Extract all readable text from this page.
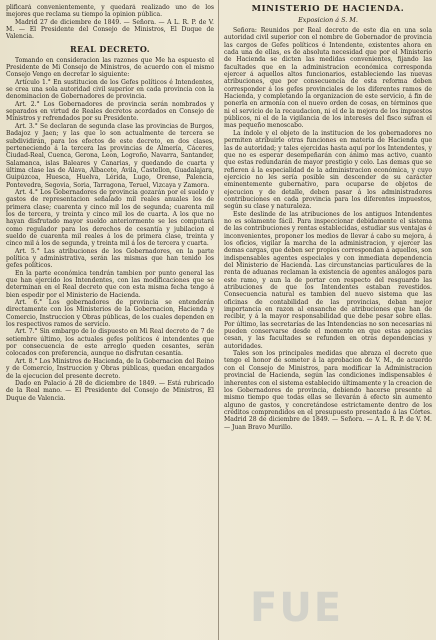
plificará convenientemente, y quedará realizado uno de los mejores que reclama su tiempo la opinion pública.

Madrid 27 de diciembre de 1849. — Señora. — A L. R. P. de V. M. — El Presidente del Consejo de Ministros, El Duque de Valencia.

REAL DECRETO.

Tomando en consideracion las razones que Me ha espuesto el Presidente de Mi Consejo de Ministros, de acuerdo con el mismo Consejo Vengo en decretar lo siguiente:

Artículo 1.° En sustitucion de los Gefes políticos é Intendentes, se crea una sola autoridad civil superior en cada provincia con la denominacion de Gobernadores de provincia.

Art. 2.° Los Gobernadores de provincia serán nombrados y separados en virtud de Reales decretos acordados en Consejo de Ministros y refrendados por su Presidente.

Art. 3.° Se declaran de segunda clase las provincias de Burgos, Badajoz y Jaen; y las que lo son actualmente de tercera se subdividirán, para los efectos de este decreto, en dos clases, perteneciendo á la tercera las provincias de Almería, Cáceres, Ciudad-Real, Cuenca, Gerona, Leon, Logroño, Navarra, Santander, Salamanca, islas Baleares y Canarias, y quedando de cuarta y última clase las de Alava, Albacete, Avila, Castellon, Guadalajara, Guipúzcoa, Huesca, Huelva, Lérida, Lugo, Orense, Palencia, Pontevedra, Segovia, Soria, Tarragona, Teruel, Vizcaya y Zamora.

Art. 4.° Los Gobernadores de provincia gozarán por el sueldo y gastos de representacion señalado mil reales anuales los de primera clase; cuarenta y cinco mil los de segunda; cuarenta mil los de tercera, y treinta y cinco mil los de cuarta. A los que no hayan disfrutado mayor sueldo anteriormente se les computará como regulador para los derechos de cesantía y jubilacion el sueldo de cuarenta mil reales á los de primera clase, treinta y cinco mil á los de segunda, y treinta mil á los de tercera y cuarta.

Art. 5.° Las atribuciones de los Gobernadores, en la parte política y administrativa, serán las mismas que han tenido los gefes políticos.

En la parte económica tendrán tambien por punto general las que han ejercido los Intendentes, con las modificaciones que se determinan en el Real decreto que con esta misma fecha tengo á bien espedir por el Ministerio de Hacienda.

Art. 6.° Los gobernadores de provincia se entenderán directamente con los Ministerios de la Gobernacion, Hacienda y Comercio, Instruccion y Obras públicas, de los cuales dependen en los respectivos ramos de servicio.

Art. 7.° Sin embargo de lo dispuesto en Mi Real decreto de 7 de setiembre último, los actuales gefes políticos é intendentes que por consecuencia de este arreglo queden cesantes, serán colocados con preferencia, aunque no disfrutan cesantía.

Art. 8.° Los Ministros de Hacienda, de la Gobernacion del Reino y de Comercio, Instruccion y Obras públicas, quedan encargados de la ejecucion del presente decreto.

Dado en Palacio á 28 de diciembre de 1849. — Está rubricado de la Real mano. — El Presidente del Consejo de Ministros, El Duque de Valencia.

MINISTERIO DE HACIENDA.
Exposicion á S. M.

Señora: Reunidos por Real decreto de este dia en una sola autoridad civil superior con el nombre de Gobernador de provincia las cargos de Gefes políticos é Intendente, existentes ahora en cada una de ellas, es de absoluta necesidad que por el Ministerio de Hacienda se dicten las medidas convenientes, fijando las facultades que en la administracion económica corresponda ejercer á aquellos altos funcionarios, estableciendo las nuevas atribuciones, que por consecuencia de esta reforma deben corresponder á los gefes provinciales de los diferentes ramos de Hacienda, y completando la organizacion de este servicio, á fin de ponerla en armonía con el nuevo orden de cosas, en términos que ni el servicio de la recaudacion, ni el de la mejora de los impuestos públicos, ni el de la vigilancia de los intereses del fisco sufran el mas pequeño menoscabo.

La índole y el objeto de la institucion de los gobernadores no permiten atribuirle otras funciones en materia de Hacienda que las de autoridad; y tales ejercidas hasta aquí por los Intendentes, y que no es esperar desempeñarán con ánimo mas activo, cuanto que estas redundarán de mayor prestigio y celo. Las demas que se refieren á la especialidad de la administracion económica, y cuyo ejercicio no les sería posible sin descender de su carácter eminentemente gubernativo, para ocuparse de objetos de ejecucion y de detalle, deben pasar á los administradores contribuciones en cada provincia para los diferentes impuestos, según su clase y naturaleza.

Este deslinde de las atribuciones de los antiguos Intendentes no es solamente fácil. Para inspeccionar debidamente el sistema de las contribuciones y rentas establecidas, estudiar sus ventajas é inconvenientes, proponer los medios de llevar á cabo su mejora, á los oficios, vigilar la marcha de la administracion, y ejercer las demas cargas, que deben ser propios correspondan á aquellos, son indispensables agentes especiales y con inmediata dependencia del Ministerio de Hacienda. Las circunstancias particulares de la renta de aduanas reclaman la existencia de agentes análogos para este ramo, y aun la de portar con respecto del resguardo las atribuciones de que los Intendentes estaban revestidos. Consecuencia natural es tambien del nuevo sistema que las oficinas de contabilidad de las provincias, deban mejor importancia en razon al ensanche de atribuciones que han de recibir, y á la mayor responsabilidad que debe pesar sobre ellas. Por último, las secretarías de las Intendencias no son necesarias ni pueden conservarse desde el momento en que estas agencias cesan, y las facultades se refunden en otras dependencias y autoridades.

Tales son los principales medidas que abraza el decreto que tengo el honor de someter á la aprobacion de V. M., de acuerdo con el Consejo de Ministros, para modificar la Administracion provincial de Hacienda, según las condiciones indispensables é inherentes con el sistema establecido últimamente y la creacion de los Gobernadores de provincia, debiendo hacerse presente al mismo tiempo que todas ellas se llevarán á efecto sin aumento alguno de gastos, y concretándose estrictamente dentro de los créditos comprendidos en el presupuesto presentado á las Córtes. Madrid 28 de diciembre de 1849. — Señora. — A L. R. P. de V. M. — Juan Bravo Murillo.

FUE
